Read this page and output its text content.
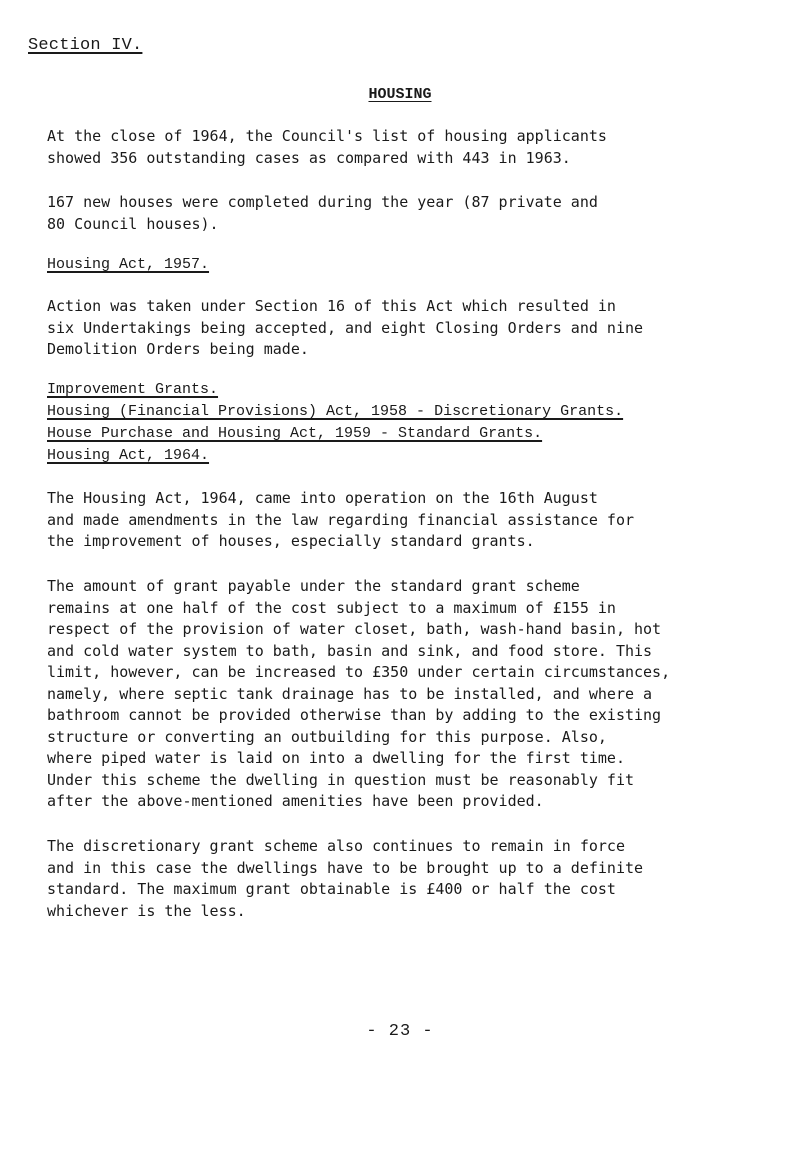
Section IV.
HOUSING
At the close of 1964, the Council's list of housing applicants
showed 356 outstanding cases as compared with 443 in 1963.
167 new houses were completed during the year (87 private and
80 Council houses).
Housing Act, 1957.
Action was taken under Section 16 of this Act which resulted in
six Undertakings being accepted, and eight Closing Orders and nine
Demolition Orders being made.
Improvement Grants.
Housing (Financial Provisions) Act, 1958 - Discretionary Grants.
House Purchase and Housing Act, 1959 - Standard Grants.
Housing Act, 1964.
The Housing Act, 1964, came into operation on the 16th August
and made amendments in the law regarding financial assistance for
the improvement of houses, especially standard grants.
The amount of grant payable under the standard grant scheme
remains at one half of the cost subject to a maximum of £155 in
respect of the provision of water closet, bath, wash-hand basin, hot
and cold water system to bath, basin and sink, and food store. This
limit, however, can be increased to £350 under certain circumstances,
namely, where septic tank drainage has to be installed, and where a
bathroom cannot be provided otherwise than by adding to the existing
structure or converting an outbuilding for this purpose. Also,
where piped water is laid on into a dwelling for the first time.
Under this scheme the dwelling in question must be reasonably fit
after the above-mentioned amenities have been provided.
The discretionary grant scheme also continues to remain in force
and in this case the dwellings have to be brought up to a definite
standard. The maximum grant obtainable is £400 or half the cost
whichever is the less.
- 23 -
